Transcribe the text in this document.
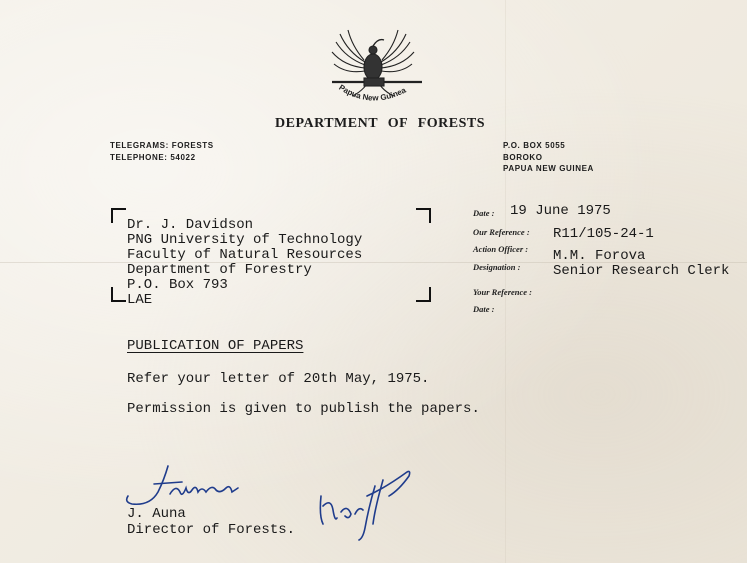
Papua New Guinea
DEPARTMENT OF FORESTS
TELEGRAMS: FORESTS
TELEPHONE: 54022
P.O. BOX 5055
BOROKO
PAPUA NEW GUINEA
Dr. J. Davidson
PNG University of Technology
Faculty of Natural Resources
Department of Forestry
P.O. Box 793
LAE
Date : 19 June 1975
Our Reference : R11/105-24-1
Action Officer : M.M. Forova
Designation : Senior Research Clerk
Your Reference :
Date :
PUBLICATION OF PAPERS
Refer your letter of 20th May, 1975.
Permission is given to publish the papers.
J. Auna
Director of Forests.
